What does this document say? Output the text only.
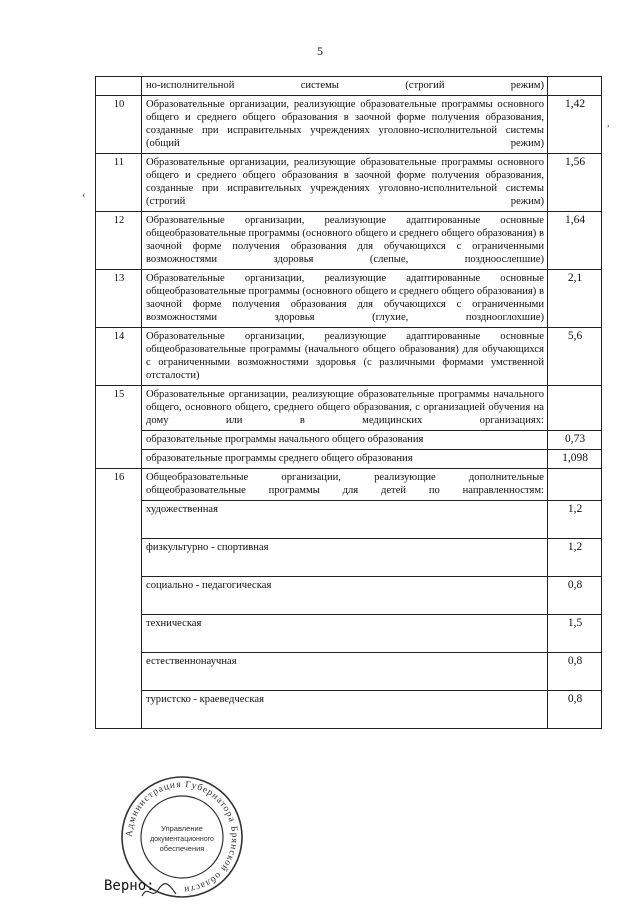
5
	но-исполнительной системы (строгий режим)	
10	Образовательные организации, реализующие образовательные программы основного общего и среднего общего образования в заочной форме получения образования, созданные при исправительных учреждениях уголовно-исполнительной системы (общий режим)	1,42
11	Образовательные организации, реализующие образовательные программы основного общего и среднего общего образования в заочной форме получения образования, созданные при исправительных учреждениях уголовно-исполнительной системы (строгий режим)	1,56
12	Образовательные организации, реализующие адаптированные основные общеобразовательные программы (основного общего и среднего общего образования) в заочной форме получения образования для обучающихся с ограниченными возможностями здоровья (слепые, поздноослепшие)	1,64
13	Образовательные организации, реализующие адаптированные основные общеобразовательные программы (основного общего и среднего общего образования) в заочной форме получения образования для обучающихся с ограниченными возможностями здоровья (глухие, позднооглохшие)	2,1
14	Образовательные организации, реализующие адаптированные основные общеобразовательные программы (начального общего образования) для обучающихся с ограниченными возможностями здоровья (с различными формами умственной отсталости)	5,6
15	Образовательные организации, реализующие образовательные программы начального общего, основного общего, среднего общего образования, с организацией обучения на дому или в медицинских организациях:	
	образовательные программы начального общего образования	0,73
	образовательные программы среднего общего образования	1,098
16	Общеобразовательные организации, реализующие дополнительные общеобразовательные программы для детей по направленностям:	
	художественная	1,2
	физкультурно - спортивная	1,2
	социально - педагогическая	0,8
	техническая	1,5
	естественнонаучная	0,8
	туристско - краеведческая	0,8
‹
,
Администрация Губернатора Брянской области
Управление
документационного
обеспечения
Верно:
